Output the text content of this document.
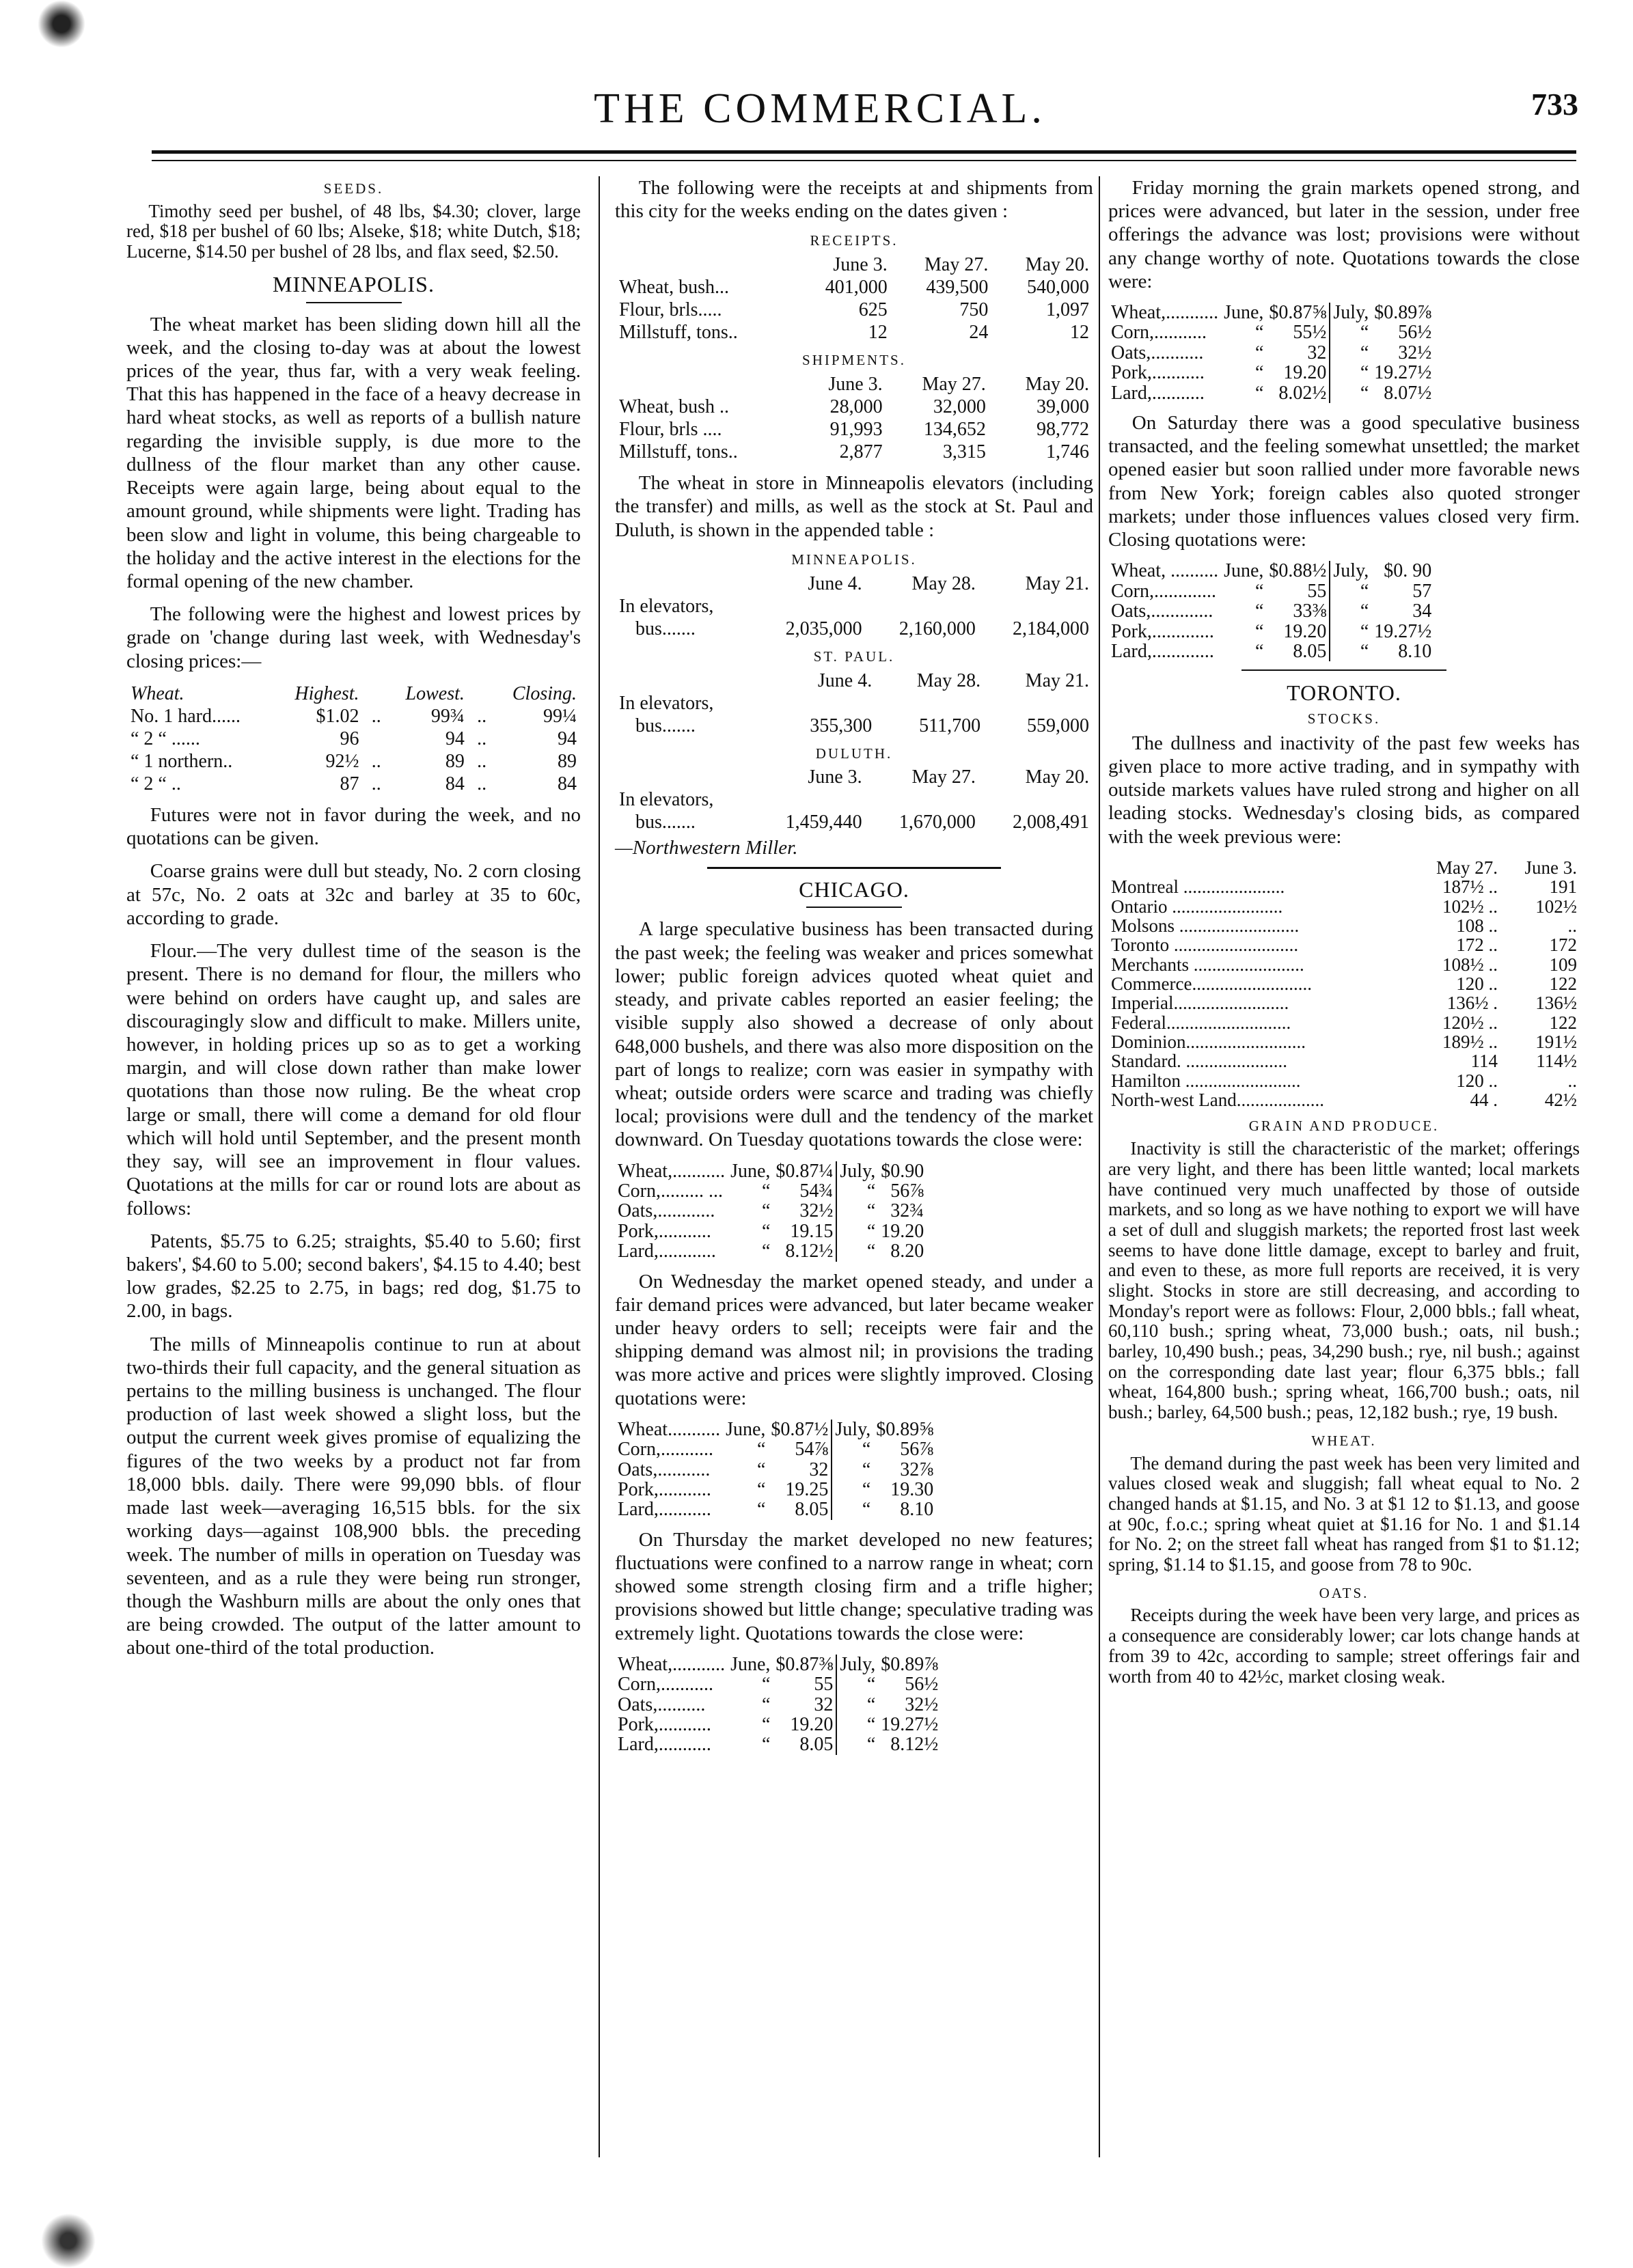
THE COMMERCIAL.	733
SEEDS.

Timothy seed per bushel, of 48 lbs, $4.30; clover, large red, $18 per bushel of 60 lbs; Alseke, $18; white Dutch, $18; Lucerne, $14.50 per bushel of 28 lbs, and flax seed, $2.50.

MINNEAPOLIS.

The wheat market has been sliding down hill all the week, and the closing to-day was at about the lowest prices of the year, thus far, with a very weak feeling. That this has happened in the face of a heavy decrease in hard wheat stocks, as well as reports of a bullish nature regarding the invisible supply, is due more to the dullness of the flour market than any other cause. Receipts were again large, being about equal to the amount ground, while shipments were light. Trading has been slow and light in volume, this being chargeable to the holiday and the active interest in the elections for the formal opening of the new chamber.

The following were the highest and lowest prices by grade on 'change during last week, with Wednesday's closing prices:—

Wheat.	Highest.		Lowest.		Closing.
No. 1 hard......	$1.02	..	99¾	..	99¼
“ 2 “ ......	96		94	..	94
“ 1 northern..	92½	..	89	..	89
“ 2 “ ..	87	..	84	..	84

Futures were not in favor during the week, and no quotations can be given.

Coarse grains were dull but steady, No. 2 corn closing at 57c, No. 2 oats at 32c and barley at 35 to 60c, according to grade.

Flour.—The very dullest time of the season is the present. There is no demand for flour, the millers who were behind on orders have caught up, and sales are discouragingly slow and difficult to make. Millers unite, however, in holding prices up so as to get a working margin, and will close down rather than make lower quotations than those now ruling. Be the wheat crop large or small, there will come a demand for old flour which will hold until September, and the present month they say, will see an improvement in flour values. Quotations at the mills for car or round lots are about as follows:

Patents, $5.75 to 6.25; straights, $5.40 to 5.60; first bakers', $4.60 to 5.00; second bakers', $4.15 to 4.40; best low grades, $2.25 to 2.75, in bags; red dog, $1.75 to 2.00, in bags.

The mills of Minneapolis continue to run at about two-thirds their full capacity, and the general situation as pertains to the milling business is unchanged. The flour production of last week showed a slight loss, but the output the current week gives promise of equalizing the figures of the two weeks by a product not far from 18,000 bbls. daily. There were 99,090 bbls. of flour made last week—averaging 16,515 bbls. for the six working days—against 108,900 bbls. the preceding week. The number of mills in operation on Tuesday was seventeen, and as a rule they were being run stronger, though the Washburn mills are about the only ones that are being crowded. The output of the latter amount to about one-third of the total production.

The following were the receipts at and shipments from this city for the weeks ending on the dates given :

RECEIPTS.
	June 3.	May 27.	May 20.
Wheat, bush...	401,000	439,500	540,000
Flour, brls.....	625	750	1,097
Millstuff, tons..	12	24	12
SHIPMENTS.
	June 3.	May 27.	May 20.
Wheat, bush ..	28,000	32,000	39,000
Flour, brls ....	91,993	134,652	98,772
Millstuff, tons..	2,877	3,315	1,746

The wheat in store in Minneapolis elevators (including the transfer) and mills, as well as the stock at St. Paul and Duluth, is shown in the appended table :

MINNEAPOLIS.
	June 4.	May 28.	May 21.
In elevators,			
bus.......	2,035,000	2,160,000	2,184,000
ST. PAUL.
	June 4.	May 28.	May 21.
In elevators,			
bus.......	355,300	511,700	559,000
DULUTH.
	June 3.	May 27.	May 20.
In elevators,			
bus.......	1,459,440	1,670,000	2,008,491
—Northwestern Miller.
CHICAGO.

A large speculative business has been transacted during the past week; the feeling was weaker and prices somewhat lower; public foreign advices quoted wheat quiet and steady, and private cables reported an easier feeling; the visible supply also showed a decrease of only about 648,000 bushels, and there was also more disposition on the part of longs to realize; corn was easier in sympathy with wheat; outside orders were scarce and trading was chiefly local; provisions were dull and the tendency of the market downward. On Tuesday quotations towards the close were:

Wheat,...........	June,	$0.87¼	July,	$0.90
Corn,......... ...	“	54¾	“	56⅞
Oats,............	“	32½	“	32¾
Pork,...........	“	19.15	“	19.20
Lard,............	“	8.12½	“	8.20

On Wednesday the market opened steady, and under a fair demand prices were advanced, but later became weaker under heavy orders to sell; receipts were fair and the shipping demand was almost nil; in provisions the trading was more active and prices were slightly improved. Closing quotations were:

Wheat...........	June,	$0.87½	July,	$0.89⅝
Corn,...........	“	54⅞	“	56⅞
Oats,...........	“	32	“	32⅞
Pork,...........	“	19.25	“	19.30
Lard,...........	“	8.05	“	8.10

On Thursday the market developed no new features; fluctuations were confined to a narrow range in wheat; corn showed some strength closing firm and a trifle higher; provisions showed but little change; speculative trading was extremely light. Quotations towards the close were:

Wheat,...........	June,	$0.87⅜	July,	$0.89⅞
Corn,...........	“	55	“	56½
Oats,..........	“	32	“	32½
Pork,...........	“	19.20	“	19.27½
Lard,...........	“	8.05	“	8.12½

Friday morning the grain markets opened strong, and prices were advanced, but later in the session, under free offerings the advance was lost; provisions were without any change worthy of note. Quotations towards the close were:

Wheat,...........	June,	$0.87⅝	July,	$0.89⅞
Corn,...........	“	55½	“	56½
Oats,...........	“	32	“	32½
Pork,...........	“	19.20	“	19.27½
Lard,...........	“	8.02½	“	8.07½

On Saturday there was a good speculative business transacted, and the feeling somewhat unsettled; the market opened easier but soon rallied under more favorable news from New York; foreign cables also quoted stronger markets; under those influences values closed very firm. Closing quotations were:

Wheat, ..........	June,	$0.88½	July,	$0. 90
Corn,.............	“	55	“	57
Oats,.............	“	33⅜	“	34
Pork,.............	“	19.20	“	19.27½
Lard,.............	“	8.05	“	8.10
TORONTO.
STOCKS.

The dullness and inactivity of the past few weeks has given place to more active trading, and in sympathy with outside markets values have ruled strong and higher on all leading stocks. Wednesday's closing bids, as compared with the week previous were:

	May 27.	June 3.
Montreal ......................	187½ ..	191
Ontario ........................	102½ ..	102½
Molsons ..........................	108 ..	..
Toronto ...........................	172 ..	172
Merchants ........................	108½ ..	109
Commerce..........................	120 ..	122
Imperial.........................	136½ .	136½
Federal...........................	120½ ..	122
Dominion..........................	189½ ..	191½
Standard. ......................	114	114½
Hamilton .........................	120 ..	..
North-west Land...................	44 .	42½
GRAIN AND PRODUCE.

Inactivity is still the characteristic of the market; offerings are very light, and there has been little wanted; local markets have continued very much unaffected by those of outside markets, and so long as we have nothing to export we will have a set of dull and sluggish markets; the reported frost last week seems to have done little damage, except to barley and fruit, and even to these, as more full reports are received, it is very slight. Stocks in store are still decreasing, and according to Monday's report were as follows: Flour, 2,000 bbls.; fall wheat, 60,110 bush.; spring wheat, 73,000 bush.; oats, nil bush.; barley, 10,490 bush.; peas, 34,290 bush.; rye, nil bush.; against on the corresponding date last year; flour 6,375 bbls.; fall wheat, 164,800 bush.; spring wheat, 166,700 bush.; oats, nil bush.; barley, 64,500 bush.; peas, 12,182 bush.; rye, 19 bush.

WHEAT.

The demand during the past week has been very limited and values closed weak and sluggish; fall wheat equal to No. 2 changed hands at $1.15, and No. 3 at $1 12 to $1.13, and goose at 90c, f.o.c.; spring wheat quiet at $1.16 for No. 1 and $1.14 for No. 2; on the street fall wheat has ranged from $1 to $1.12; spring, $1.14 to $1.15, and goose from 78 to 90c.

OATS.

Receipts during the week have been very large, and prices as a consequence are considerably lower; car lots change hands at from 39 to 42c, according to sample; street offerings fair and worth from 40 to 42½c, market closing weak.
